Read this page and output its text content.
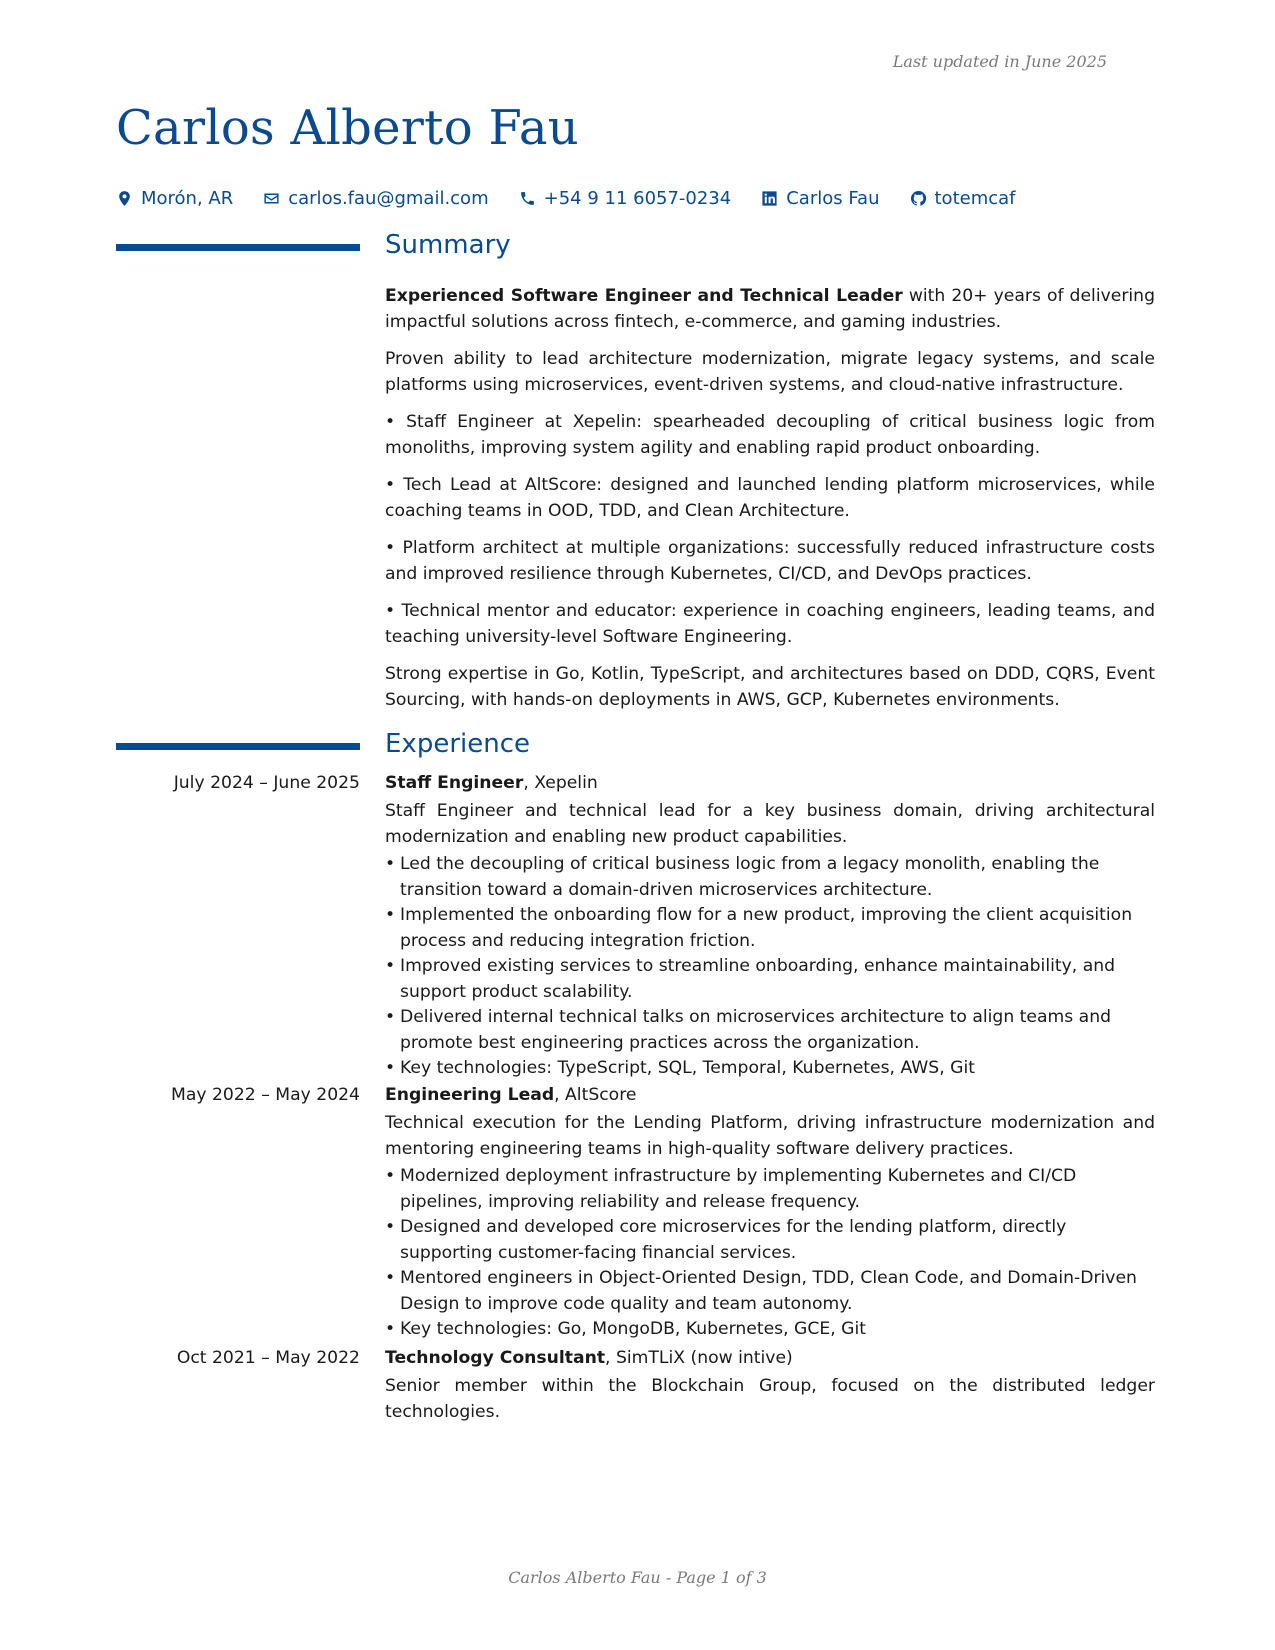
Last updated in June 2025
Carlos Alberto Fau
Morón, AR	carlos.fau@gmail.com	+54 9 11 6057-0234	Carlos Fau	totemcaf
Summary

Experienced Software Engineer and Technical Leader with 20+ years of delivering impactful solutions across fintech, e-commerce, and gaming industries.

Proven ability to lead architecture modernization, migrate legacy systems, and scale platforms using microservices, event-driven systems, and cloud-native infrastructure.

• Staff Engineer at Xepelin: spearheaded decoupling of critical business logic from monoliths, improving system agility and enabling rapid product onboarding.

• Tech Lead at AltScore: designed and launched lending platform microservices, while coaching teams in OOD, TDD, and Clean Architecture.

• Platform architect at multiple organizations: successfully reduced infrastructure costs and improved resilience through Kubernetes, CI/CD, and DevOps practices.

• Technical mentor and educator: experience in coaching engineers, leading teams, and teaching university-level Software Engineering.

Strong expertise in Go, Kotlin, TypeScript, and architectures based on DDD, CQRS, Event Sourcing, with hands-on deployments in AWS, GCP, Kubernetes environments.

Experience
July 2024 – June 2025 Staff Engineer, Xepelin

Staff Engineer and technical lead for a key business domain, driving architectural modernization and enabling new product capabilities.

• Led the decoupling of critical business logic from a legacy monolith, enabling the transition toward a domain-driven microservices architecture.
• Implemented the onboarding flow for a new product, improving the client acquisition process and reducing integration friction.
• Improved existing services to streamline onboarding, enhance maintainability, and support product scalability.
• Delivered internal technical talks on microservices architecture to align teams and promote best engineering practices across the organization.
• Key technologies: TypeScript, SQL, Temporal, Kubernetes, AWS, Git
May 2022 – May 2024 Engineering Lead, AltScore

Technical execution for the Lending Platform, driving infrastructure modernization and mentoring engineering teams in high-quality software delivery practices.

• Modernized deployment infrastructure by implementing Kubernetes and CI/CD pipelines, improving reliability and release frequency.
• Designed and developed core microservices for the lending platform, directly supporting customer-facing financial services.
• Mentored engineers in Object-Oriented Design, TDD, Clean Code, and Domain-Driven Design to improve code quality and team autonomy.
• Key technologies: Go, MongoDB, Kubernetes, GCE, Git
Oct 2021 – May 2022 Technology Consultant, SimTLiX (now intive)

Senior member within the Blockchain Group, focused on the distributed ledger technologies.

Carlos Alberto Fau - Page 1 of 3
